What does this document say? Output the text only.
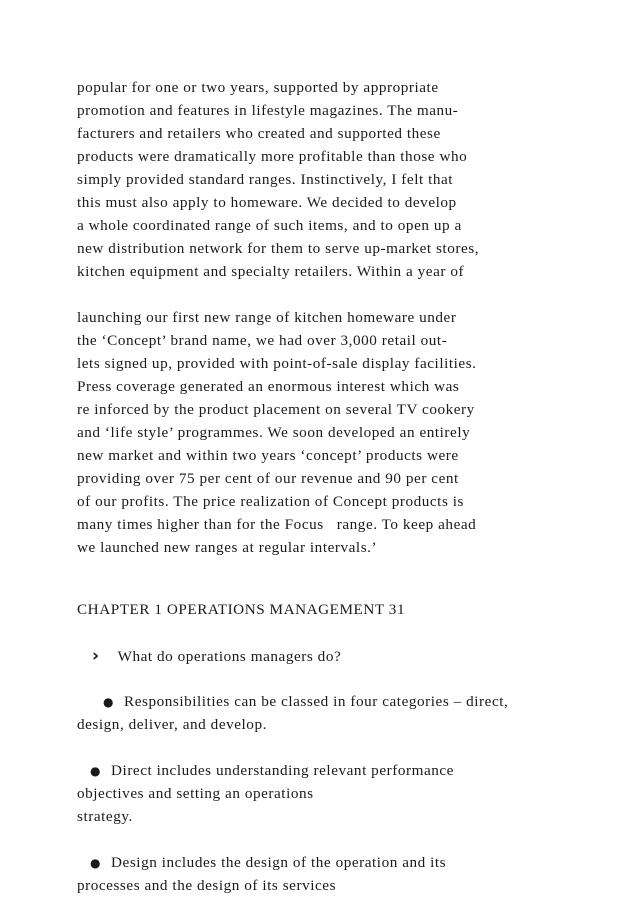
popular for one or two years, supported by appropriate
promotion and features in lifestyle magazines. The manu-
facturers and retailers who created and supported these
products were dramatically more profitable than those who
simply provided standard ranges. Instinctively, I felt that
this must also apply to homeware. We decided to develop
a whole coordinated range of such items, and to open up a
new distribution network for them to serve up-market stores,
kitchen equipment and specialty retailers. Within a year of
launching our first new range of kitchen homeware under
the ‘Concept’ brand name, we had over 3,000 retail out-
lets signed up, provided with point-of-sale display facilities.
Press coverage generated an enormous interest which was
re inforced by the product placement on several TV cookery
and ‘life style’ programmes. We soon developed an entirely
new market and within two years ‘concept’ products were
providing over 75 per cent of our revenue and 90 per cent
of our profits. The price realization of Concept products is
many times higher than for the Focus   range. To keep ahead
we launched new ranges at regular intervals.’
CHAPTER 1 OPERATIONS MANAGEMENT 31
› What do operations managers do?
● Responsibilities can be classed in four categories – direct,
design, deliver, and develop.
● Direct includes understanding relevant performance
objectives and setting an operations
strategy.
● Design includes the design of the operation and its
processes and the design of its services
